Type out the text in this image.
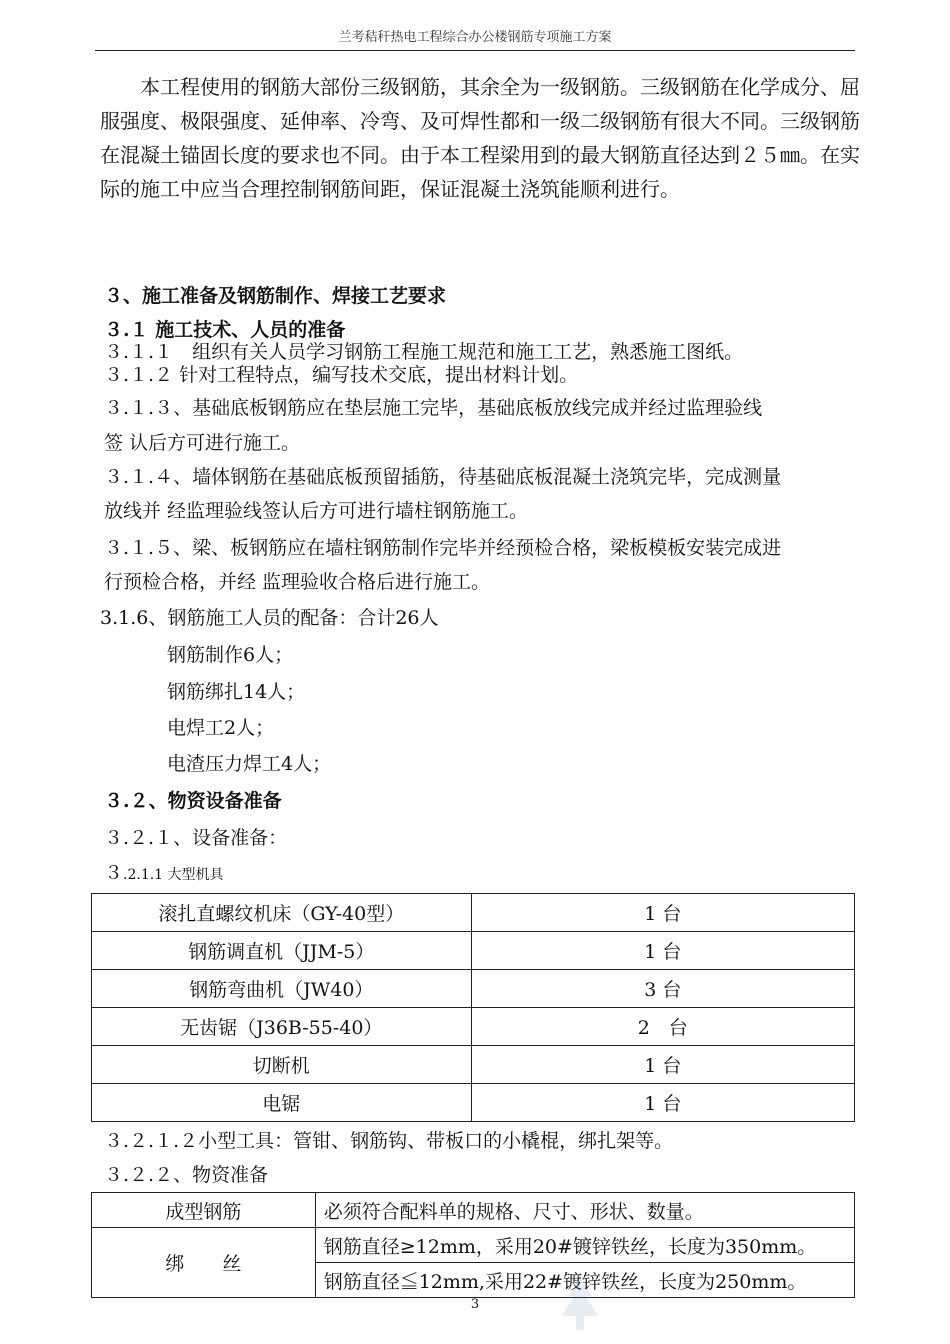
兰考秸秆热电工程综合办公楼钢筋专项施工方案
本工程使用的钢筋大部份三级钢筋，其余全为一级钢筋。三级钢筋在化学成分、屈服强度、极限强度、延伸率、冷弯、及可焊性都和一级二级钢筋有很大不同。三级钢筋在混凝土锚固长度的要求也不同。由于本工程梁用到的最大钢筋直径达到２５㎜。在实际的施工中应当合理控制钢筋间距，保证混凝土浇筑能顺利进行。
３、施工准备及钢筋制作、焊接工艺要求
３.１ 施工技术、人员的准备
３.１.１　组织有关人员学习钢筋工程施工规范和施工工艺，熟悉施工图纸。
３.１.２ 针对工程特点，编写技术交底，提出材料计划。
３.１.３、基础底板钢筋应在垫层施工完毕，基础底板放线完成并经过监理验线
签 认后方可进行施工。
３.１.４、墙体钢筋在基础底板预留插筋，待基础底板混凝土浇筑完毕，完成测量
放线并 经监理验线签认后方可进行墙柱钢筋施工。
３.１.５、梁、板钢筋应在墙柱钢筋制作完毕并经预检合格，梁板模板安装完成进
行预检合格，并经 监理验收合格后进行施工。
3.1.6、钢筋施工人员的配备：合计26人
钢筋制作6人；
钢筋绑扎14人；
电焊工2人；
电渣压力焊工4人；
３.２、物资设备准备
３.２.１、设备准备：
３.2.1.1 大型机具
滚扎直螺纹机床（GY-40型）	1 台
钢筋调直机（JJM-5）	1 台
钢筋弯曲机（JW40）	3 台
无齿锯（J36B-55-40）	2　台
切断机	1 台
电锯	1 台
３.２.１.２小型工具：管钳、钢筋钩、带板口的小橇棍，绑扎架等。
３.２.２、物资准备
成型钢筋	必须符合配料单的规格、尺寸、形状、数量。
绑　　丝	钢筋直径≥12mm，采用20#镀锌铁丝，长度为350mm。
	钢筋直径≦12mm,采用22#镀锌铁丝，长度为250mm。
3
